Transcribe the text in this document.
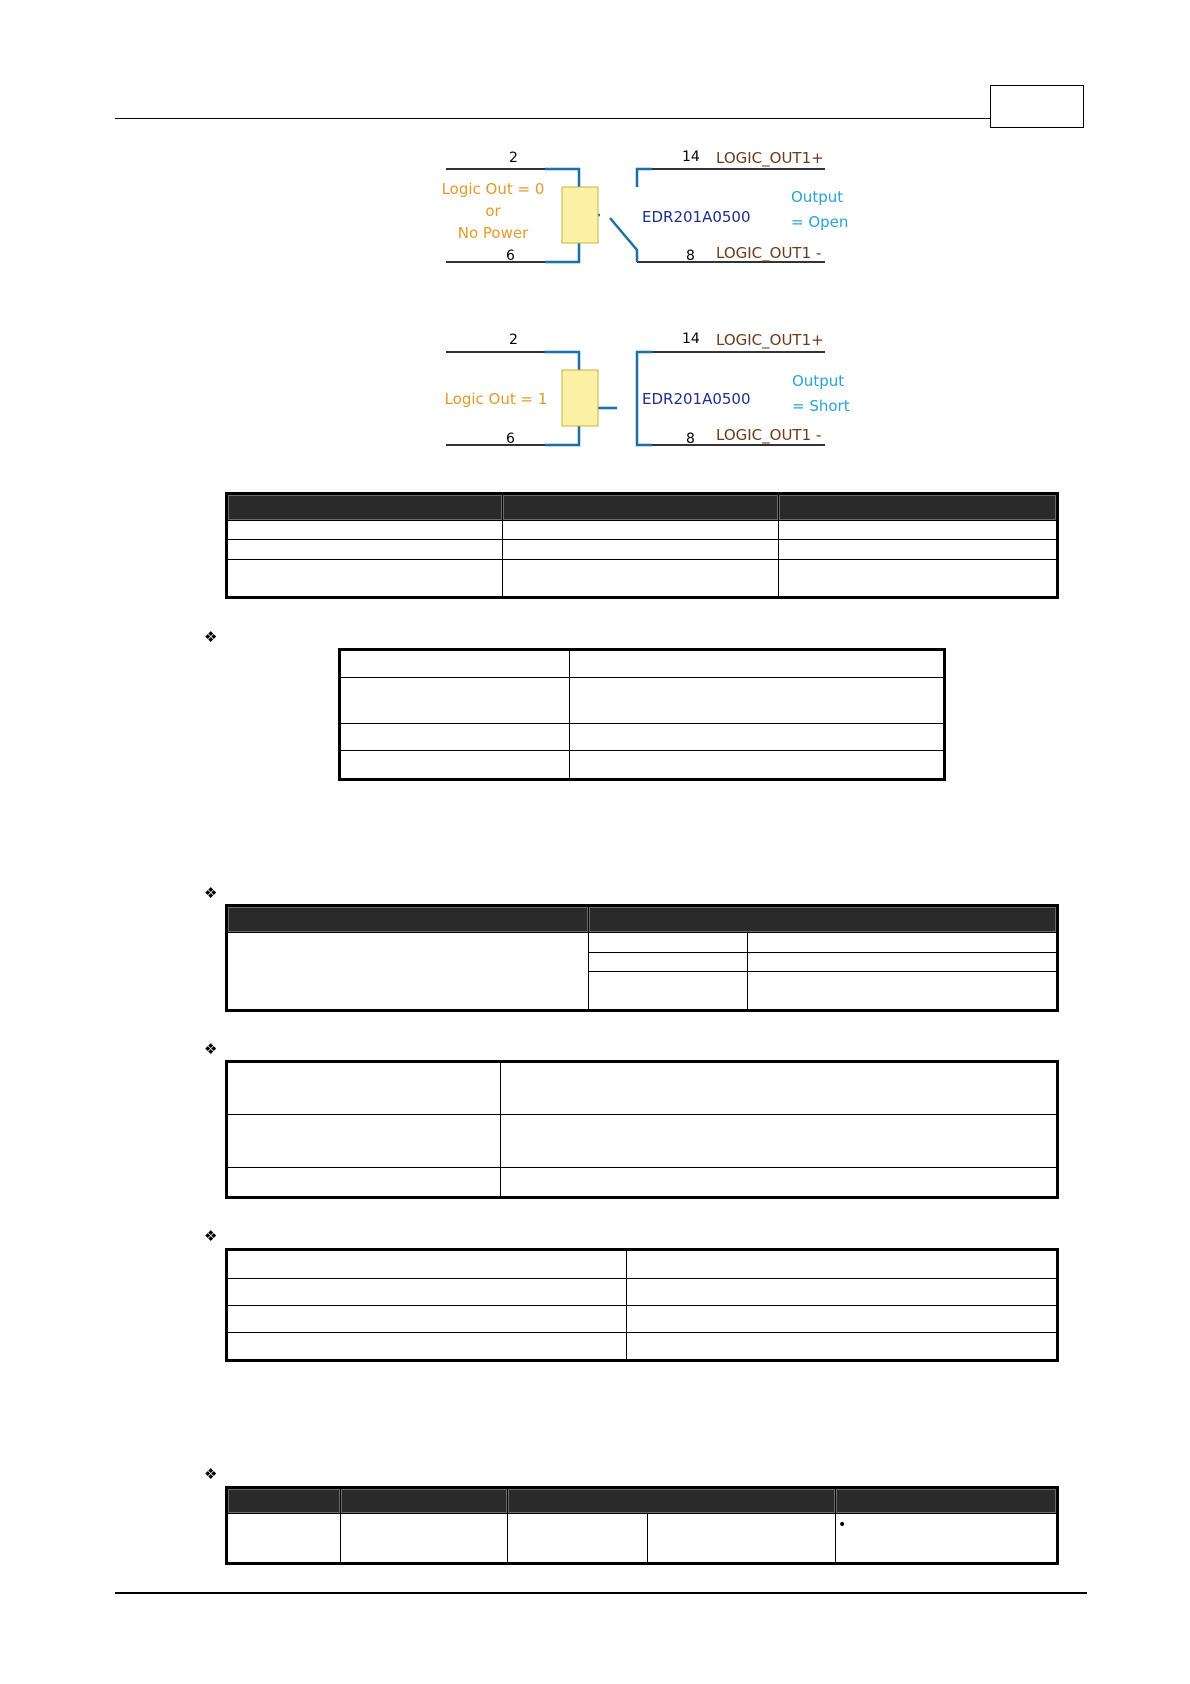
2
6
14
8
Logic Out = 0
or
No Power
EDR201A0500
Output
= Open
LOGIC_OUT1+
LOGIC_OUT1 -
2
6
14
8
Logic Out = 1	EDR201A0500
Output
= Short
LOGIC_OUT1+
LOGIC_OUT1 -

❖

❖

❖

❖

❖

				•
